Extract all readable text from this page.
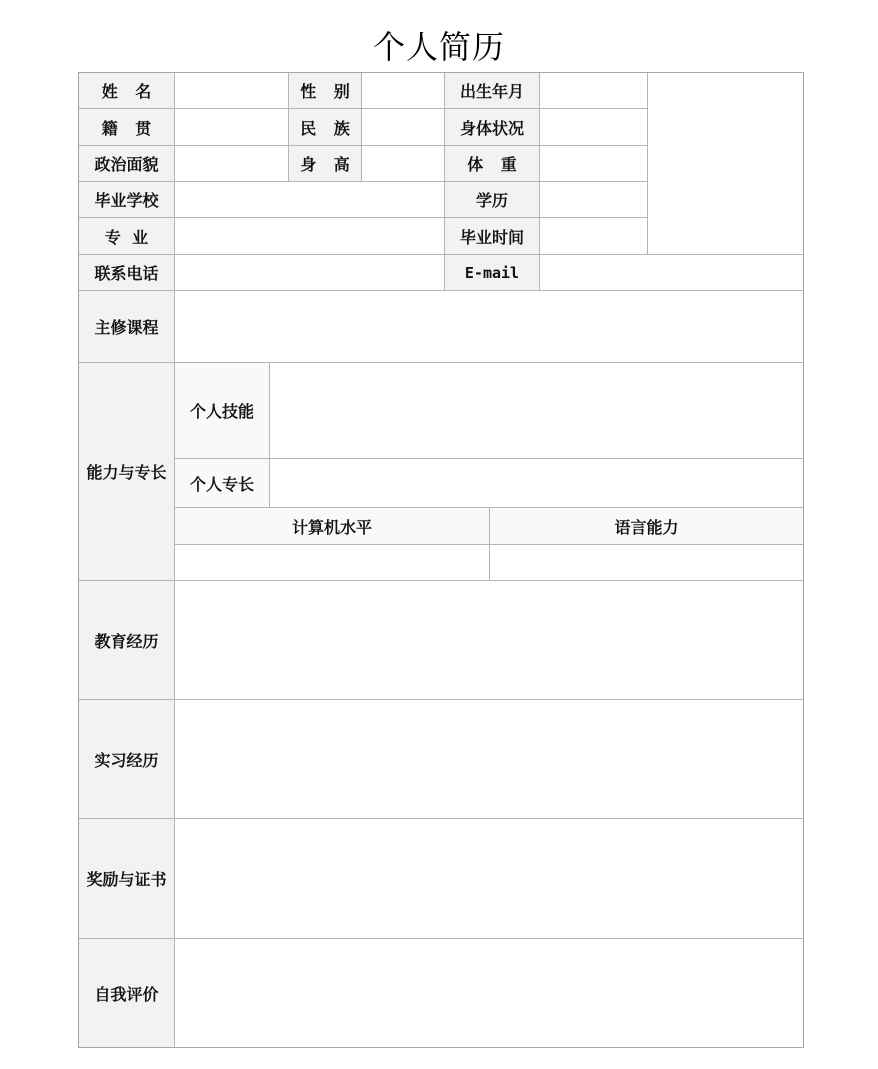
个人简历
姓 名	性 别	出生年月
籍 贯	民 族	身体状况
政治面貌	身 高	体 重
毕业学校	学历
专  业	毕业时间
联系电话	E-mail
主修课程
能力与专长
个人技能
个人专长
计算机水平	语言能力
教育经历
实习经历
奖励与证书
自我评价
